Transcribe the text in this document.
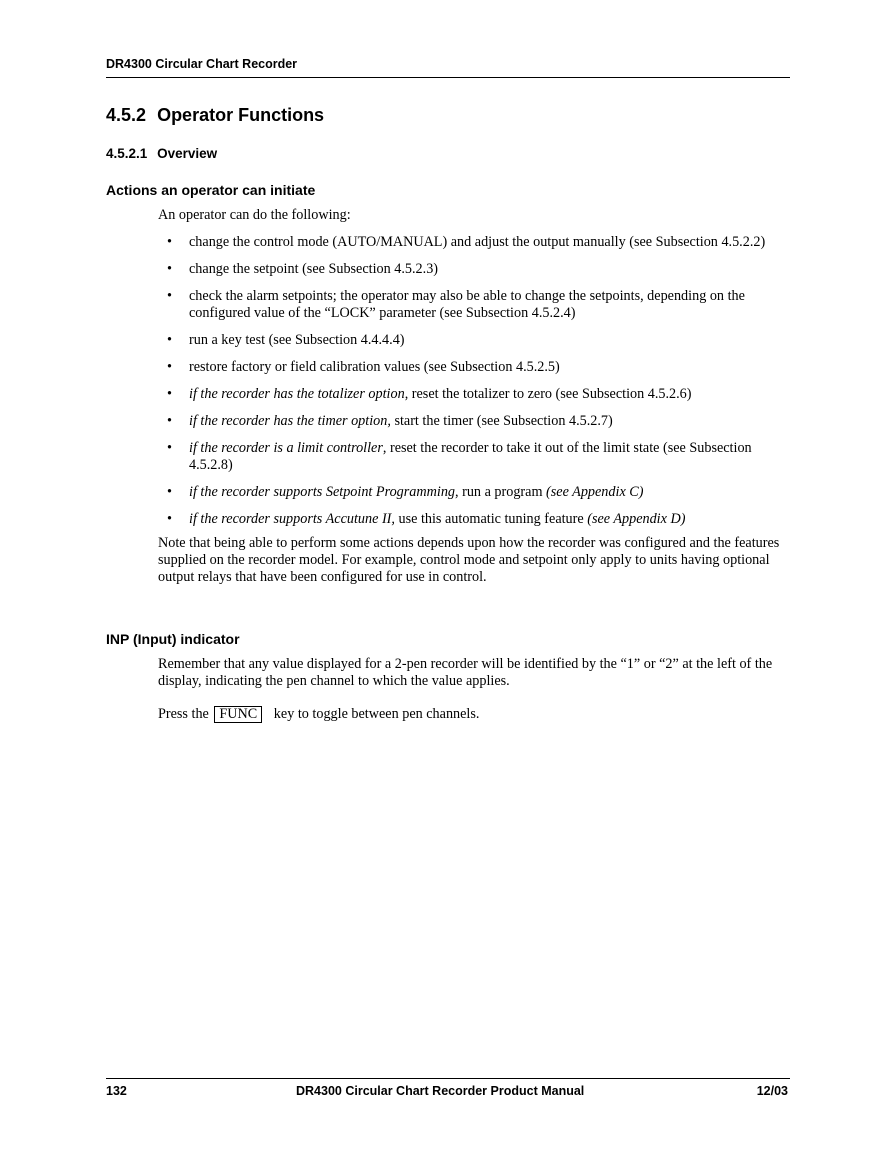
DR4300 Circular Chart Recorder
4.5.2 Operator Functions
4.5.2.1 Overview
Actions an operator can initiate
An operator can do the following:
• change the control mode (AUTO/MANUAL) and adjust the output manually (see Subsection 4.5.2.2)
• change the setpoint (see Subsection 4.5.2.3)
• check the alarm setpoints; the operator may also be able to change the setpoints, depending on the configured value of the “LOCK” parameter (see Subsection 4.5.2.4)
• run a key test (see Subsection 4.4.4.4)
• restore factory or field calibration values (see Subsection 4.5.2.5)
• if the recorder has the totalizer option, reset the totalizer to zero (see Subsection 4.5.2.6)
• if the recorder has the timer option, start the timer (see Subsection 4.5.2.7)
• if the recorder is a limit controller, reset the recorder to take it out of the limit state (see Subsection 4.5.2.8)
• if the recorder supports Setpoint Programming, run a program (see Appendix C)
• if the recorder supports Accutune II, use this automatic tuning feature (see Appendix D)
Note that being able to perform some actions depends upon how the recorder was configured and the features supplied on the recorder model. For example, control mode and setpoint only apply to units having optional output relays that have been configured for use in control.
INP (Input) indicator
Remember that any value displayed for a 2-pen recorder will be identified by the “1” or “2” at the left of the display, indicating the pen channel to which the value applies.
Press the FUNC key to toggle between pen channels.
132	DR4300 Circular Chart Recorder Product Manual	12/03
